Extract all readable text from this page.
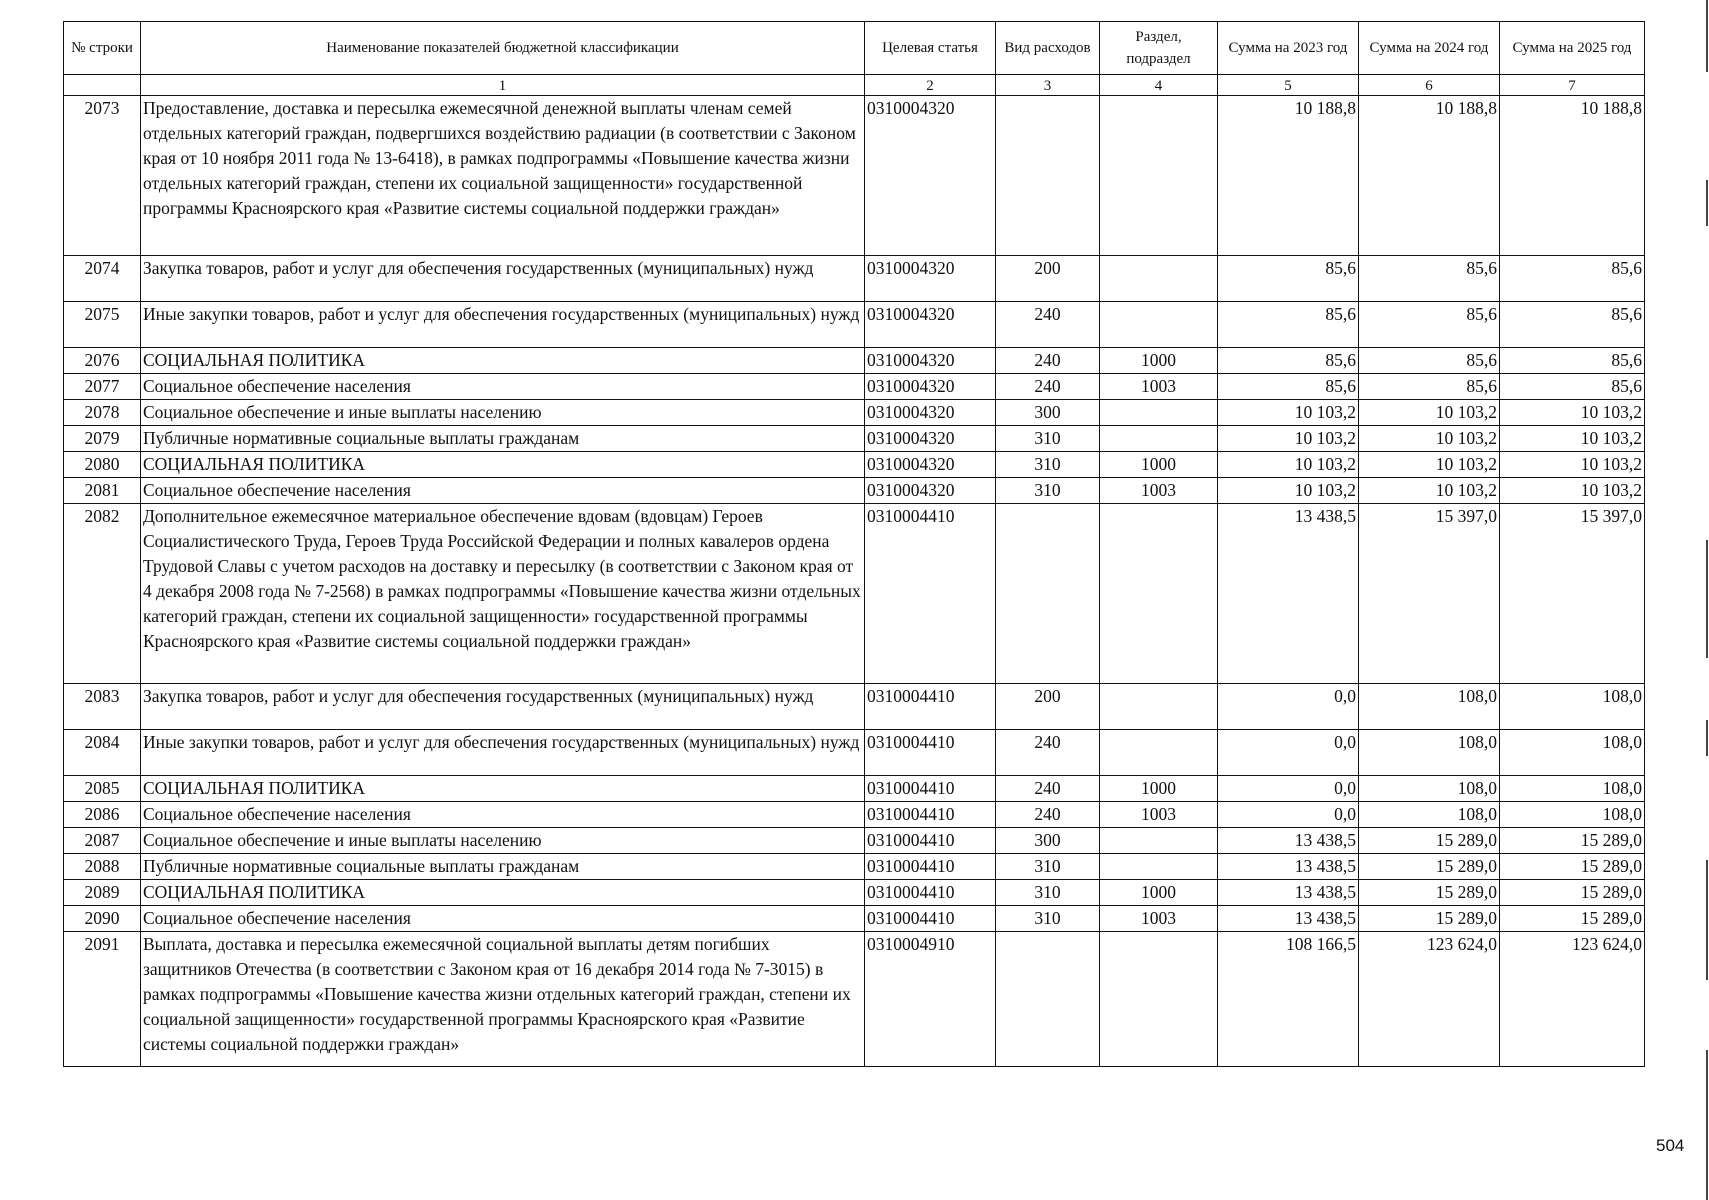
№ строки	Наименование показателей бюджетной классификации	Целевая статья	Вид расходов	Раздел, подраздел	Сумма на 2023 год	Сумма на 2024 год	Сумма на 2025 год
	1	2	3	4	5	6	7
2073	Предоставление, доставка и пересылка ежемесячной денежной выплаты членам семей отдельных категорий граждан, подвергшихся воздействию радиации (в соответствии с Законом края от 10 ноября 2011 года № 13-6418), в рамках подпрограммы «Повышение качества жизни отдельных категорий граждан, степени их социальной защищенности» государственной программы Красноярского края «Развитие системы социальной поддержки граждан»	0310004320			10 188,8	10 188,8	10 188,8
2074	Закупка товаров, работ и услуг для обеспечения государственных (муниципальных) нужд	0310004320	200		85,6	85,6	85,6
2075	Иные закупки товаров, работ и услуг для обеспечения государственных (муниципальных) нужд	0310004320	240		85,6	85,6	85,6
2076	СОЦИАЛЬНАЯ ПОЛИТИКА	0310004320	240	1000	85,6	85,6	85,6
2077	Социальное обеспечение населения	0310004320	240	1003	85,6	85,6	85,6
2078	Социальное обеспечение и иные выплаты населению	0310004320	300		10 103,2	10 103,2	10 103,2
2079	Публичные нормативные социальные выплаты гражданам	0310004320	310		10 103,2	10 103,2	10 103,2
2080	СОЦИАЛЬНАЯ ПОЛИТИКА	0310004320	310	1000	10 103,2	10 103,2	10 103,2
2081	Социальное обеспечение населения	0310004320	310	1003	10 103,2	10 103,2	10 103,2
2082	Дополнительное ежемесячное материальное обеспечение вдовам (вдовцам) Героев Социалистического Труда, Героев Труда Российской Федерации и полных кавалеров ордена Трудовой Славы с учетом расходов на доставку и пересылку (в соответствии с Законом края от 4 декабря 2008 года № 7-2568) в рамках подпрограммы «Повышение качества жизни отдельных категорий граждан, степени их социальной защищенности» государственной программы Красноярского края «Развитие системы социальной поддержки граждан»	0310004410			13 438,5	15 397,0	15 397,0
2083	Закупка товаров, работ и услуг для обеспечения государственных (муниципальных) нужд	0310004410	200		0,0	108,0	108,0
2084	Иные закупки товаров, работ и услуг для обеспечения государственных (муниципальных) нужд	0310004410	240		0,0	108,0	108,0
2085	СОЦИАЛЬНАЯ ПОЛИТИКА	0310004410	240	1000	0,0	108,0	108,0
2086	Социальное обеспечение населения	0310004410	240	1003	0,0	108,0	108,0
2087	Социальное обеспечение и иные выплаты населению	0310004410	300		13 438,5	15 289,0	15 289,0
2088	Публичные нормативные социальные выплаты гражданам	0310004410	310		13 438,5	15 289,0	15 289,0
2089	СОЦИАЛЬНАЯ ПОЛИТИКА	0310004410	310	1000	13 438,5	15 289,0	15 289,0
2090	Социальное обеспечение населения	0310004410	310	1003	13 438,5	15 289,0	15 289,0
2091	Выплата, доставка и пересылка ежемесячной социальной выплаты детям погибших защитников Отечества (в соответствии с Законом края от 16 декабря 2014 года № 7-3015) в рамках подпрограммы «Повышение качества жизни отдельных категорий граждан, степени их социальной защищенности» государственной программы Красноярского края «Развитие системы социальной поддержки граждан»	0310004910			108 166,5	123 624,0	123 624,0
504
